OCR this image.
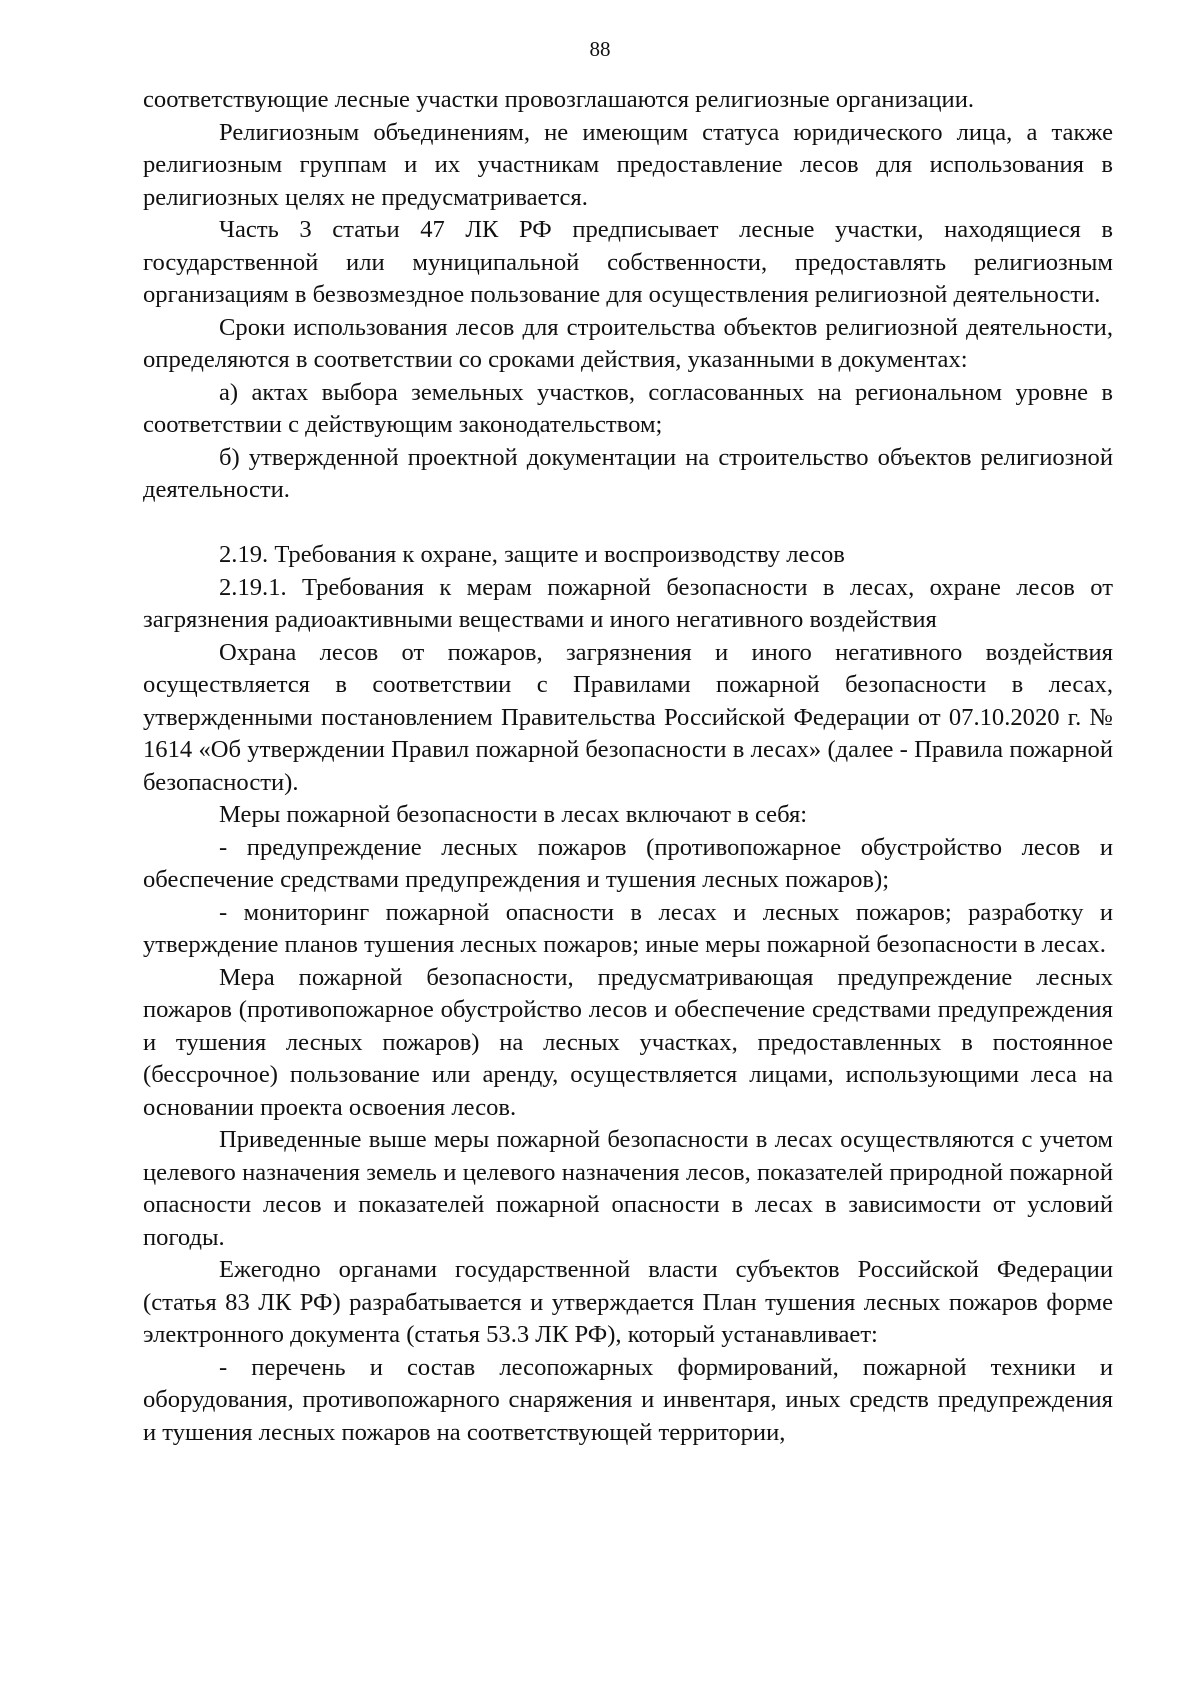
88

соответствующие лесные участки провозглашаются религиозные организации.

Религиозным объединениям, не имеющим статуса юридического лица, а также религиозным группам и их участникам предоставление лесов для использования в религиозных целях не предусматривается.

Часть 3 статьи 47 ЛК РФ предписывает лесные участки, находящиеся в государственной или муниципальной собственности, предоставлять религиозным организациям в безвозмездное пользование для осуществления религиозной деятельности.

Сроки использования лесов для строительства объектов религиозной деятельности, определяются в соответствии со сроками действия, указанными в документах:

а) актах выбора земельных участков, согласованных на региональном уровне в соответствии с действующим законодательством;

б) утвержденной проектной документации на строительство объектов религиозной деятельности.

2.19. Требования к охране, защите и воспроизводству лесов

2.19.1. Требования к мерам пожарной безопасности в лесах, охране лесов от загрязнения радиоактивными веществами и иного негативного воздействия

Охрана лесов от пожаров, загрязнения и иного негативного воздействия осуществляется в соответствии с Правилами пожарной безопасности в лесах, утвержденными постановлением Правительства Российской Федерации от 07.10.2020 г. № 1614 «Об утверждении Правил пожарной безопасности в лесах» (далее - Правила пожарной безопасности).

Меры пожарной безопасности в лесах включают в себя:

- предупреждение лесных пожаров (противопожарное обустройство лесов и обеспечение средствами предупреждения и тушения лесных пожаров);

- мониторинг пожарной опасности в лесах и лесных пожаров; разработку и утверждение планов тушения лесных пожаров; иные меры пожарной безопасности в лесах.

Мера пожарной безопасности, предусматривающая предупреждение лесных пожаров (противопожарное обустройство лесов и обеспечение средствами предупреждения и тушения лесных пожаров) на лесных участках, предоставленных в постоянное (бессрочное) пользование или аренду, осуществляется лицами, использующими леса на основании проекта освоения лесов.

Приведенные выше меры пожарной безопасности в лесах осуществляются с учетом целевого назначения земель и целевого назначения лесов, показателей природной пожарной опасности лесов и показателей пожарной опасности в лесах в зависимости от условий погоды.

Ежегодно органами государственной власти субъектов Российской Федерации (статья 83 ЛК РФ) разрабатывается и утверждается План тушения лесных пожаров форме электронного документа (статья 53.3 ЛК РФ), который устанавливает:

- перечень и состав лесопожарных формирований, пожарной техники и оборудования, противопожарного снаряжения и инвентаря, иных средств предупреждения и тушения лесных пожаров на соответствующей территории,
